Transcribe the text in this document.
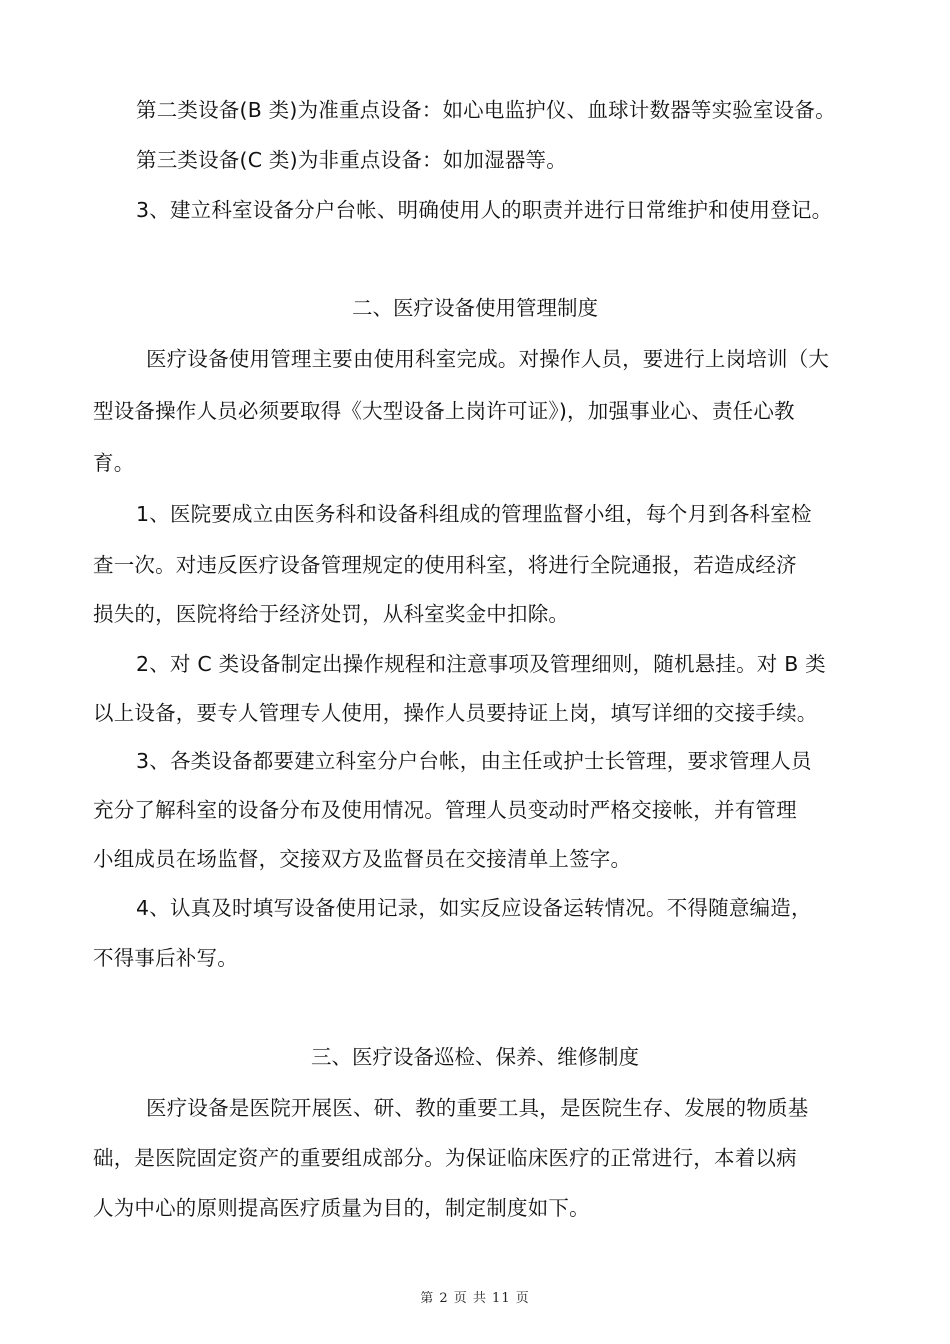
第二类设备(B 类)为准重点设备：如心电监护仪、血球计数器等实验室设备。
第三类设备(C 类)为非重点设备：如加湿器等。
3、建立科室设备分户台帐、明确使用人的职责并进行日常维护和使用登记。
二、医疗设备使用管理制度
医疗设备使用管理主要由使用科室完成。对操作人员，要进行上岗培训（大
型设备操作人员必须要取得《大型设备上岗许可证》)，加强事业心、责任心教
育。
1、医院要成立由医务科和设备科组成的管理监督小组，每个月到各科室检
查一次。对违反医疗设备管理规定的使用科室，将进行全院通报，若造成经济
损失的，医院将给于经济处罚，从科室奖金中扣除。
2、对 C 类设备制定出操作规程和注意事项及管理细则，随机悬挂。对 B 类
以上设备，要专人管理专人使用，操作人员要持证上岗，填写详细的交接手续。
3、各类设备都要建立科室分户台帐，由主任或护士长管理，要求管理人员
充分了解科室的设备分布及使用情况。管理人员变动时严格交接帐，并有管理
小组成员在场监督，交接双方及监督员在交接清单上签字。
4、认真及时填写设备使用记录，如实反应设备运转情况。不得随意编造，
不得事后补写。
三、医疗设备巡检、保养、维修制度
医疗设备是医院开展医、研、教的重要工具，是医院生存、发展的物质基
础，是医院固定资产的重要组成部分。为保证临床医疗的正常进行，本着以病
人为中心的原则提高医疗质量为目的，制定制度如下。
第 2 页 共 11 页
